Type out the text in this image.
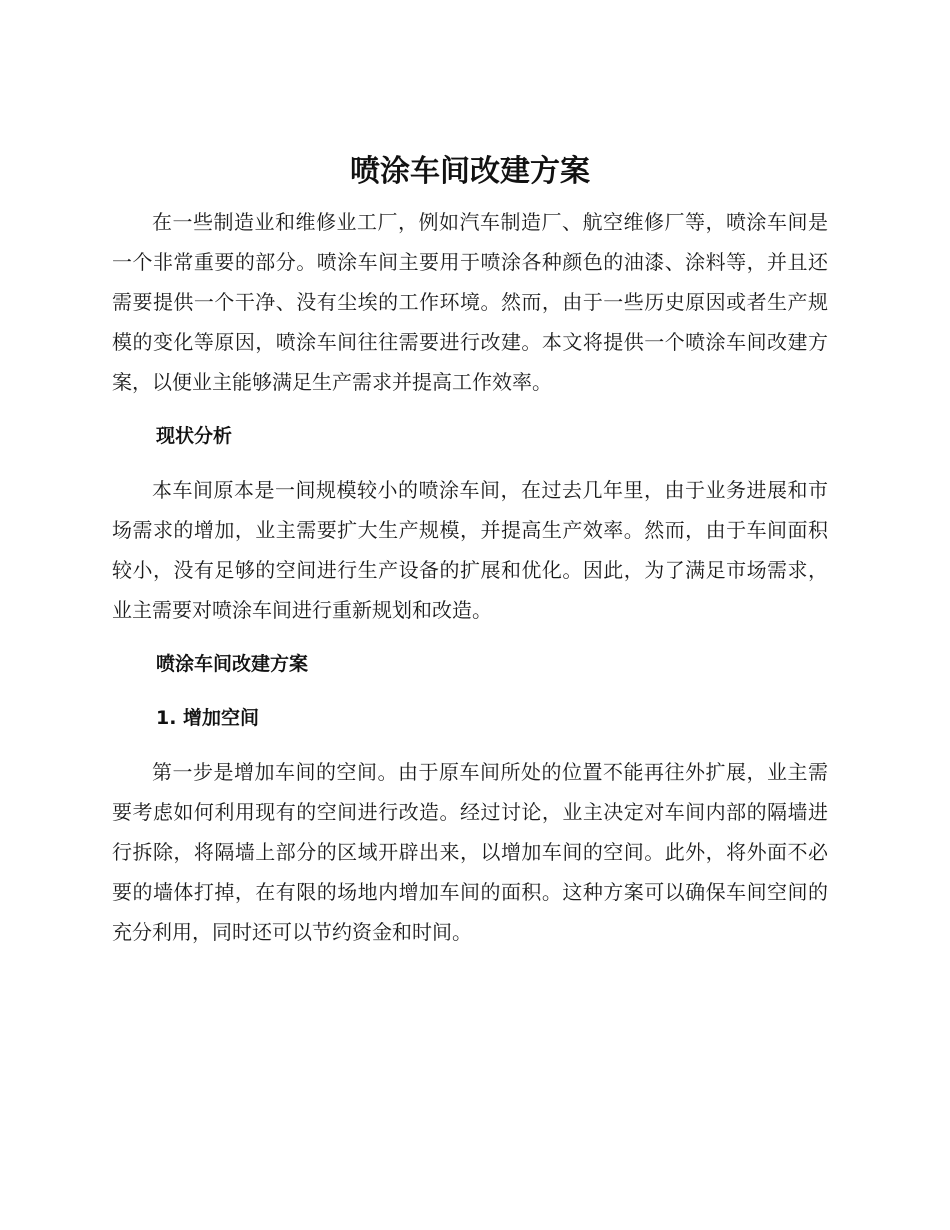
喷涂车间改建方案

在一些制造业和维修业工厂，例如汽车制造厂、航空维修厂等，喷涂车间是一个非常重要的部分。喷涂车间主要用于喷涂各种颜色的油漆、涂料等，并且还需要提供一个干净、没有尘埃的工作环境。然而，由于一些历史原因或者生产规模的变化等原因，喷涂车间往往需要进行改建。本文将提供一个喷涂车间改建方案，以便业主能够满足生产需求并提高工作效率。

现状分析

本车间原本是一间规模较小的喷涂车间，在过去几年里，由于业务进展和市场需求的增加，业主需要扩大生产规模，并提高生产效率。然而，由于车间面积较小，没有足够的空间进行生产设备的扩展和优化。因此，为了满足市场需求，业主需要对喷涂车间进行重新规划和改造。

喷涂车间改建方案
1. 增加空间

第一步是增加车间的空间。由于原车间所处的位置不能再往外扩展，业主需要考虑如何利用现有的空间进行改造。经过讨论，业主决定对车间内部的隔墙进行拆除，将隔墙上部分的区域开辟出来，以增加车间的空间。此外，将外面不必要的墙体打掉，在有限的场地内增加车间的面积。这种方案可以确保车间空间的充分利用，同时还可以节约资金和时间。
